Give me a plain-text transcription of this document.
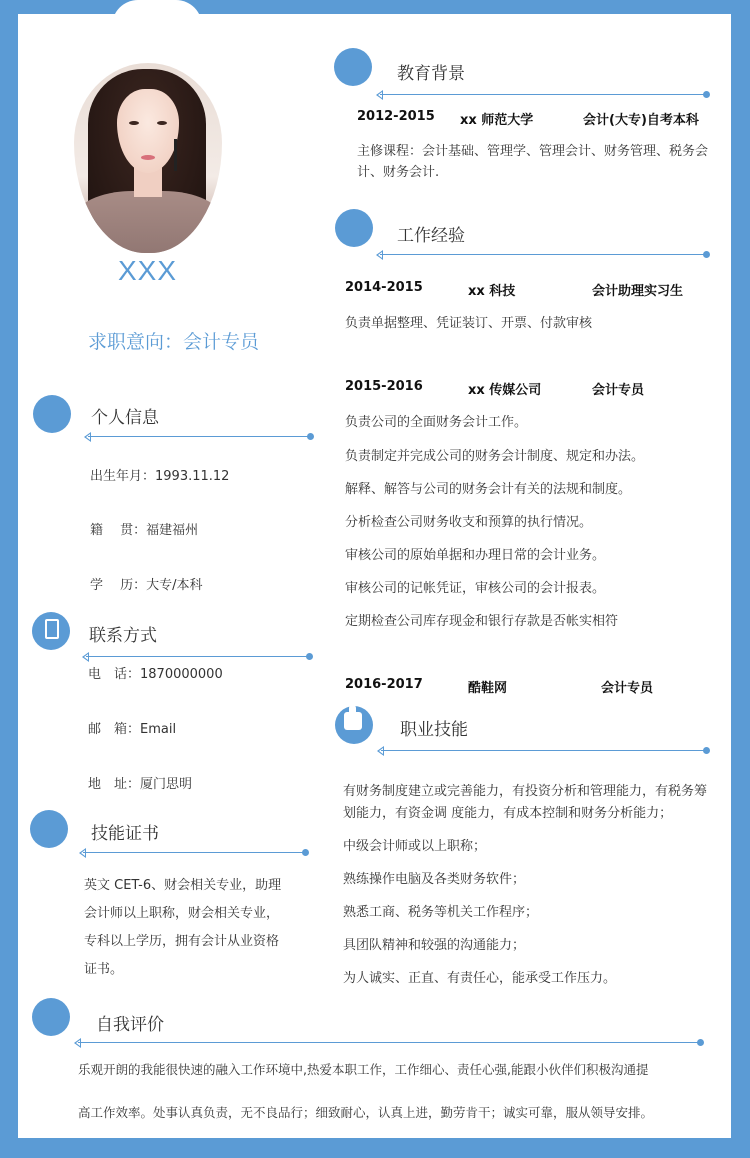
XXX
求职意向：会计专员
个人信息
出生年月：1993.11.12
籍　 贯：福建福州
学　 历：大专/本科
联系方式
电　话：1870000000
邮　箱：Email
地　址：厦门思明
技能证书
英文 CET-6、财会相关专业，助理
会计师以上职称，财会相关专业，
专科以上学历，拥有会计从业资格
证书。
教育背景
2012-2015 xx 师范大学	会计(大专)自考本科
主修课程：会计基础、管理学、管理会计、财务管理、税务会
计、财务会计.
工作经验
2014-2015	xx 科技	会计助理实习生
负责单据整理、凭证装订、开票、付款审核
2015-2016	xx 传媒公司	会计专员
负责公司的全面财务会计工作。
负责制定并完成公司的财务会计制度、规定和办法。
解释、解答与公司的财务会计有关的法规和制度。
分析检查公司财务收支和预算的执行情况。
审核公司的原始单据和办理日常的会计业务。
审核公司的记帐凭证，审核公司的会计报表。
定期检查公司库存现金和银行存款是否帐实相符
2016-2017	酷鞋网	会计专员
职业技能
有财务制度建立或完善能力，有投资分析和管理能力，有税务筹
划能力，有资金调 度能力，有成本控制和财务分析能力；
中级会计师或以上职称；
熟练操作电脑及各类财务软件；
熟悉工商、税务等机关工作程序；
具团队精神和较强的沟通能力；
为人诚实、正直、有责任心，能承受工作压力。
自我评价
乐观开朗的我能很快速的融入工作环境中,热爱本职工作，工作细心、责任心强,能跟小伙伴们积极沟通提
高工作效率。处事认真负责，无不良品行；细致耐心，认真上进，勤劳肯干；诚实可靠，服从领导安排。
